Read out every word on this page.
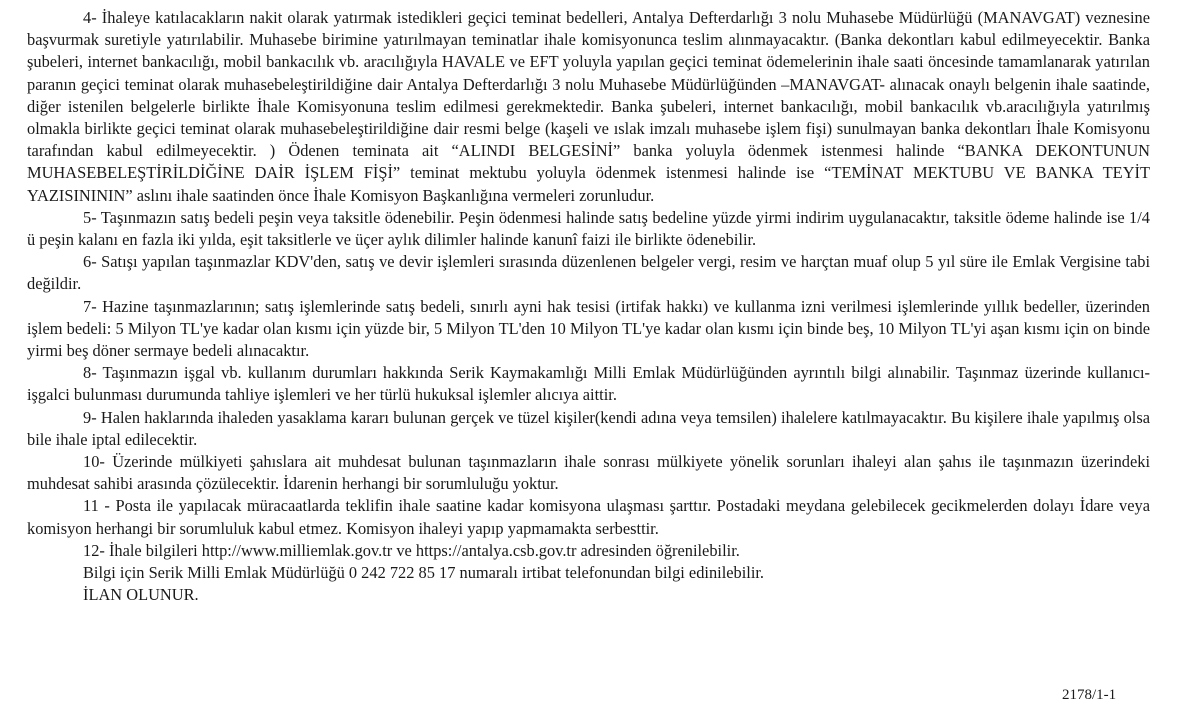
4- İhaleye katılacakların nakit olarak yatırmak istedikleri geçici teminat bedelleri, Antalya Defterdarlığı 3 nolu Muhasebe Müdürlüğü (MANAVGAT) veznesine başvurmak suretiyle yatırılabilir. Muhasebe birimine yatırılmayan teminatlar ihale komisyonunca teslim alınmayacaktır. (Banka dekontları kabul edilmeyecektir. Banka şubeleri, internet bankacılığı, mobil bankacılık vb. aracılığıyla HAVALE ve EFT yoluyla yapılan geçici teminat ödemelerinin ihale saati öncesinde tamamlanarak yatırılan paranın geçici teminat olarak muhasebeleştirildiğine dair Antalya Defterdarlığı 3 nolu Muhasebe Müdürlüğünden –MANAVGAT- alınacak onaylı belgenin ihale saatinde, diğer istenilen belgelerle birlikte İhale Komisyonuna teslim edilmesi gerekmektedir. Banka şubeleri, internet bankacılığı, mobil bankacılık vb.aracılığıyla yatırılmış olmakla birlikte geçici teminat olarak muhasebeleştirildiğine dair resmi belge (kaşeli ve ıslak imzalı muhasebe işlem fişi) sunulmayan banka dekontları İhale Komisyonu tarafından kabul edilmeyecektir. ) Ödenen teminata ait “ALINDI BELGESİNİ” banka yoluyla ödenmek istenmesi halinde “BANKA DEKONTUNUN MUHASEBELEŞTİRİLDİĞİNE DAİR İŞLEM FİŞİ” teminat mektubu yoluyla ödenmek istenmesi halinde ise “TEMİNAT MEKTUBU VE BANKA TEYİT YAZISINININ” aslını ihale saatinden önce İhale Komisyon Başkanlığına vermeleri zorunludur.

5- Taşınmazın satış bedeli peşin veya taksitle ödenebilir. Peşin ödenmesi halinde satış bedeline yüzde yirmi indirim uygulanacaktır, taksitle ödeme halinde ise 1/4 ü peşin kalanı en fazla iki yılda, eşit taksitlerle ve üçer aylık dilimler halinde kanunî faizi ile birlikte ödenebilir.

6- Satışı yapılan taşınmazlar KDV'den, satış ve devir işlemleri sırasında düzenlenen belgeler vergi, resim ve harçtan muaf olup 5 yıl süre ile Emlak Vergisine tabi değildir.

7- Hazine taşınmazlarının; satış işlemlerinde satış bedeli, sınırlı ayni hak tesisi (irtifak hakkı) ve kullanma izni verilmesi işlemlerinde yıllık bedeller, üzerinden işlem bedeli: 5 Milyon TL'ye kadar olan kısmı için yüzde bir, 5 Milyon TL'den 10 Milyon TL'ye kadar olan kısmı için binde beş, 10 Milyon TL'yi aşan kısmı için on binde yirmi beş döner sermaye bedeli alınacaktır.

8- Taşınmazın işgal vb. kullanım durumları hakkında Serik Kaymakamlığı Milli Emlak Müdürlüğünden ayrıntılı bilgi alınabilir. Taşınmaz üzerinde kullanıcı-işgalci bulunması durumunda tahliye işlemleri ve her türlü hukuksal işlemler alıcıya aittir.

9- Halen haklarında ihaleden yasaklama kararı bulunan gerçek ve tüzel kişiler(kendi adına veya temsilen) ihalelere katılmayacaktır. Bu kişilere ihale yapılmış olsa bile ihale iptal edilecektir.

10- Üzerinde mülkiyeti şahıslara ait muhdesat bulunan taşınmazların ihale sonrası mülkiyete yönelik sorunları ihaleyi alan şahıs ile taşınmazın üzerindeki muhdesat sahibi arasında çözülecektir. İdarenin herhangi bir sorumluluğu yoktur.

11 - Posta ile yapılacak müracaatlarda teklifin ihale saatine kadar komisyona ulaşması şarttır. Postadaki meydana gelebilecek gecikmelerden dolayı İdare veya komisyon herhangi bir sorumluluk kabul etmez. Komisyon ihaleyi yapıp yapmamakta serbesttir.

12- İhale bilgileri http://www.milliemlak.gov.tr ve https://antalya.csb.gov.tr adresinden öğrenilebilir.

Bilgi için Serik Milli Emlak Müdürlüğü 0 242 722 85 17 numaralı irtibat telefonundan bilgi edinilebilir.

İLAN OLUNUR.

2178/1-1
